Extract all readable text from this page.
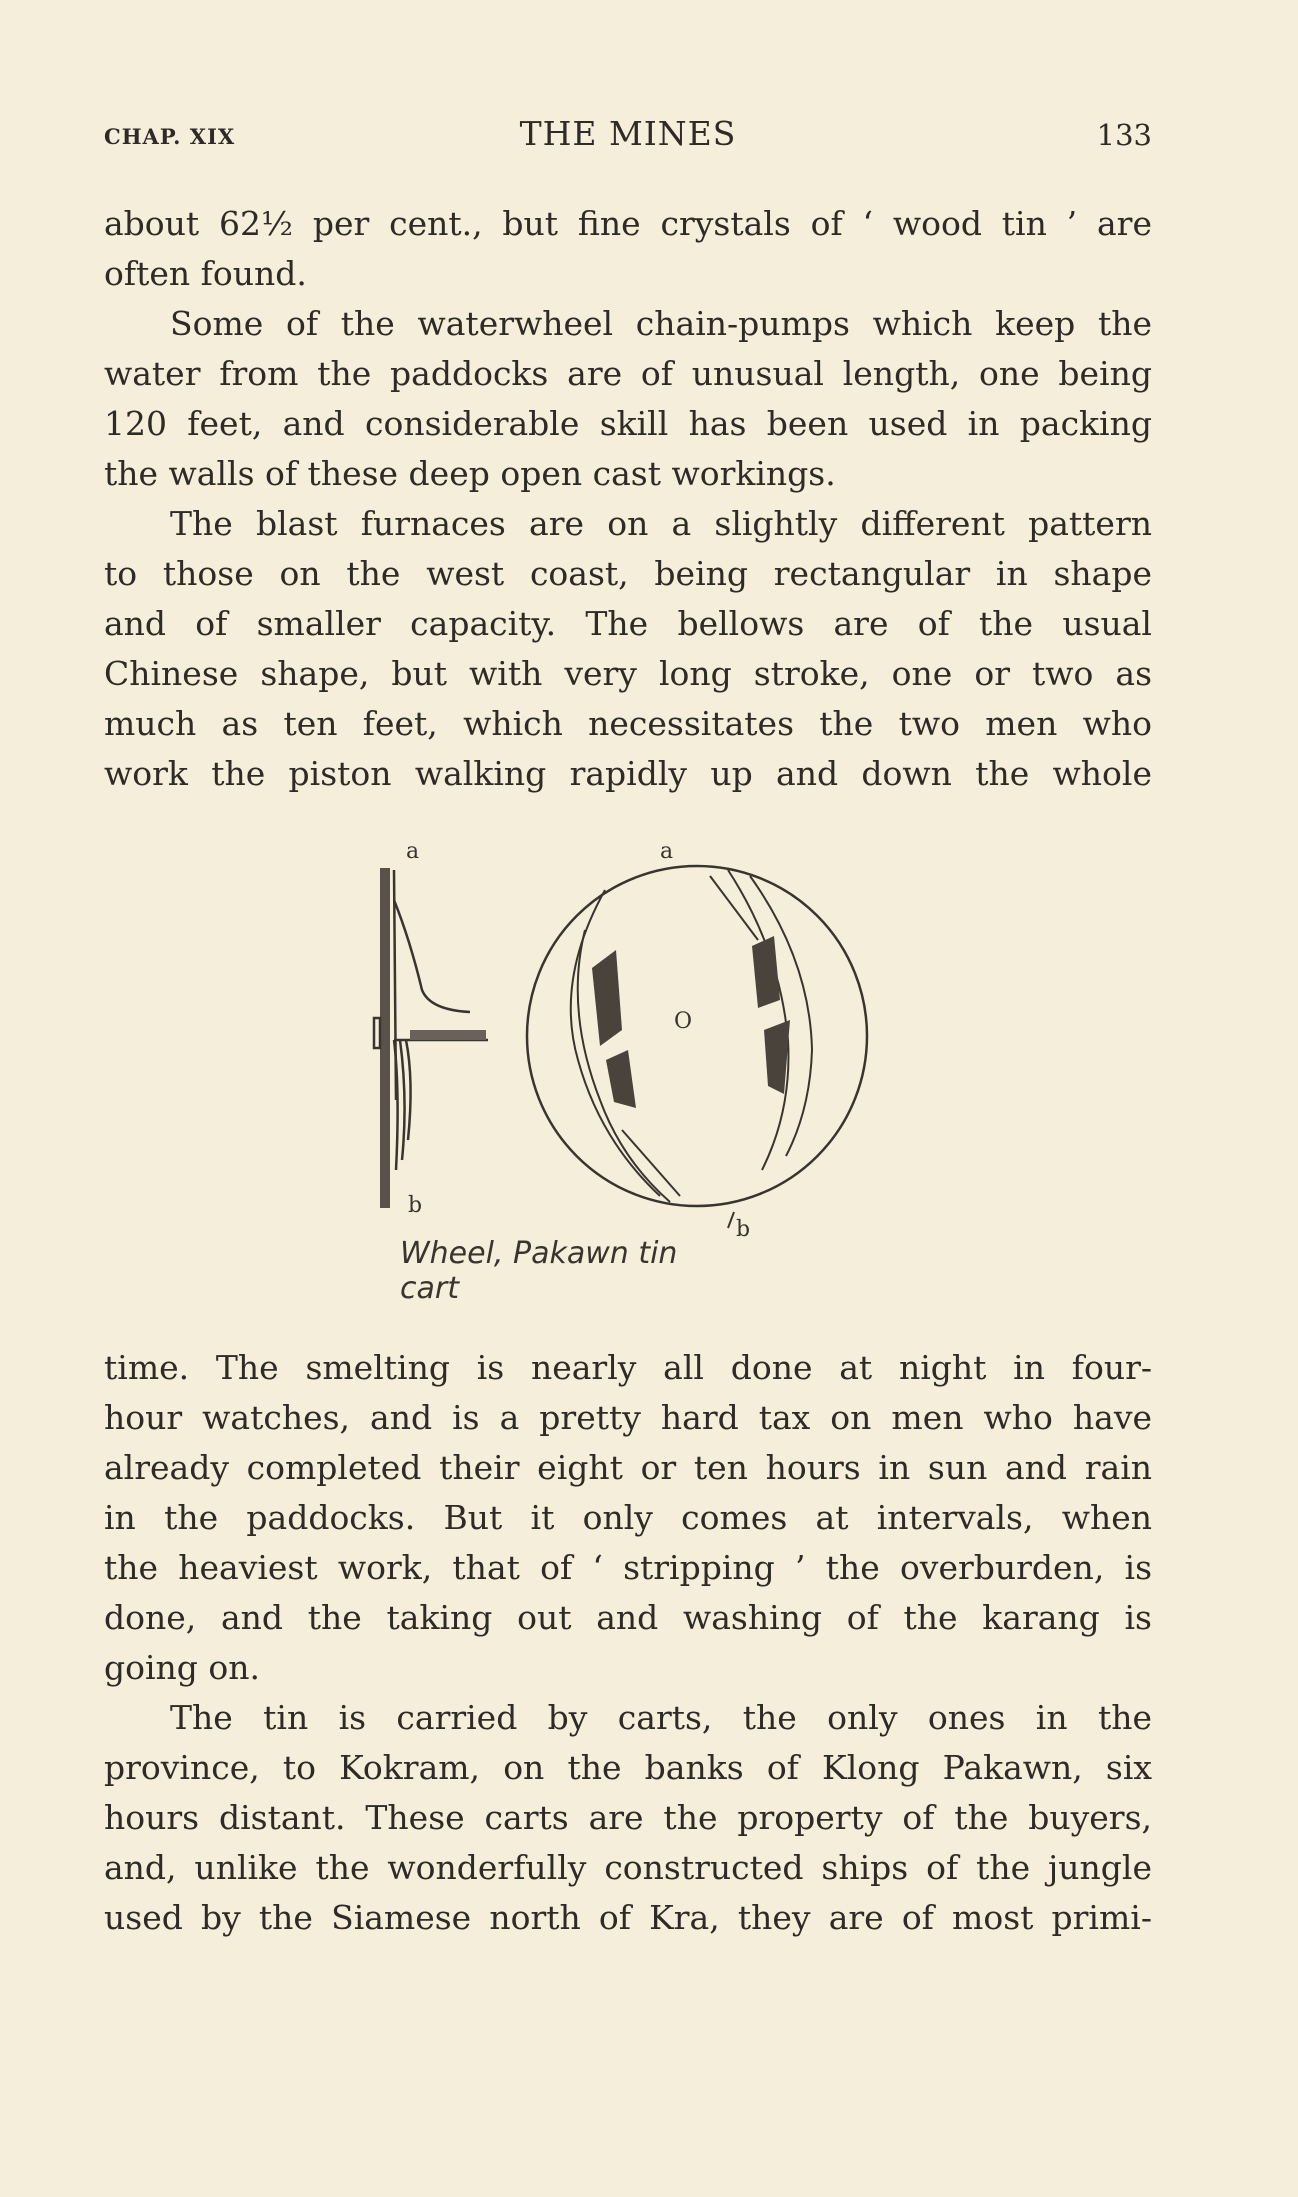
CHAP. XIX	THE MINES	133
about 62½ per cent., but fine crystals of ‘ wood tin ’ are
often found.
Some of the waterwheel chain-pumps which keep the
water from the paddocks are of unusual length, one being
120 feet, and considerable skill has been used in packing
the walls of these deep open cast workings.
The blast furnaces are on a slightly different pattern
to those on the west coast, being rectangular in shape
and of smaller capacity. The bellows are of the usual
Chinese shape, but with very long stroke, one or two as
much as ten feet, which necessitates the two men who
work the piston walking rapidly up and down the whole
a
b
O
a
b
Wheel, Pakawn tin cart
time. The smelting is nearly all done at night in four-
hour watches, and is a pretty hard tax on men who have
already completed their eight or ten hours in sun and rain
in the paddocks. But it only comes at intervals, when
the heaviest work, that of ‘ stripping ’ the overburden, is
done, and the taking out and washing of the karang is
going on.
The tin is carried by carts, the only ones in the
province, to Kokram, on the banks of Klong Pakawn, six
hours distant. These carts are the property of the buyers,
and, unlike the wonderfully constructed ships of the jungle
used by the Siamese north of Kra, they are of most primi-
